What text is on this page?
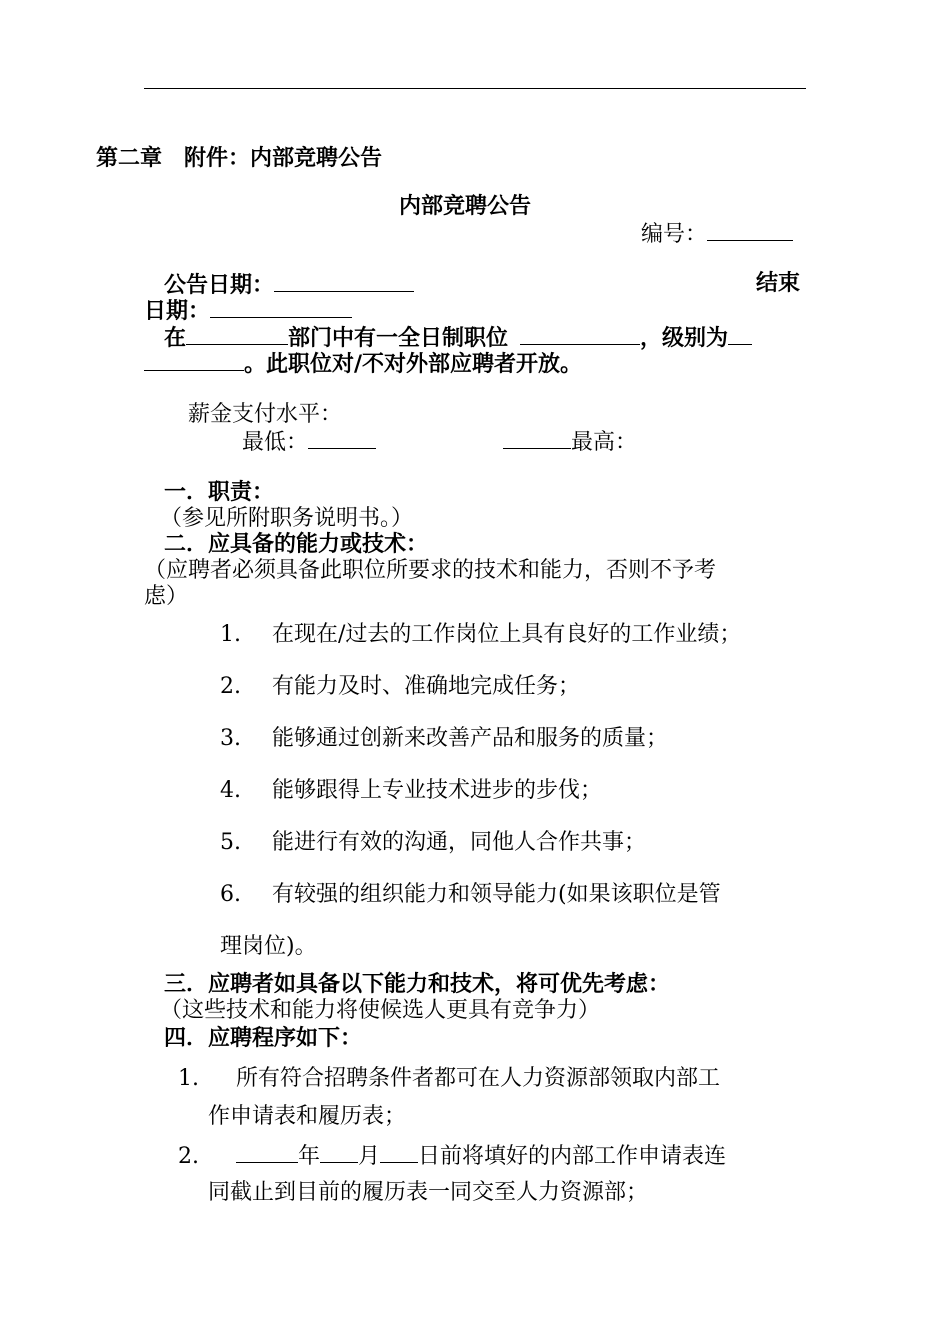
第二章　附件：内部竞聘公告
内部竞聘公告
编号：
公告日期：	结束
日期：
在	部门中有一全日制职位	，级别为
。此职位对/不对外部应聘者开放。
薪金支付水平：
最低：	最高：
一．职责：
（参见所附职务说明书。）
二．应具备的能力或技术：
（应聘者必须具备此职位所要求的技术和能力，否则不予考
虑）
1. 在现在/过去的工作岗位上具有良好的工作业绩；
2. 有能力及时、准确地完成任务；
3. 能够通过创新来改善产品和服务的质量；
4. 能够跟得上专业技术进步的步伐；
5. 能进行有效的沟通，同他人合作共事；
6. 有较强的组织能力和领导能力(如果该职位是管
理岗位)。
三．应聘者如具备以下能力和技术，将可优先考虑：
（这些技术和能力将使候选人更具有竞争力）
四．应聘程序如下：
1. 所有符合招聘条件者都可在人力资源部领取内部工
作申请表和履历表；
2.	年 月 日前将填好的内部工作申请表连
同截止到目前的履历表一同交至人力资源部；
